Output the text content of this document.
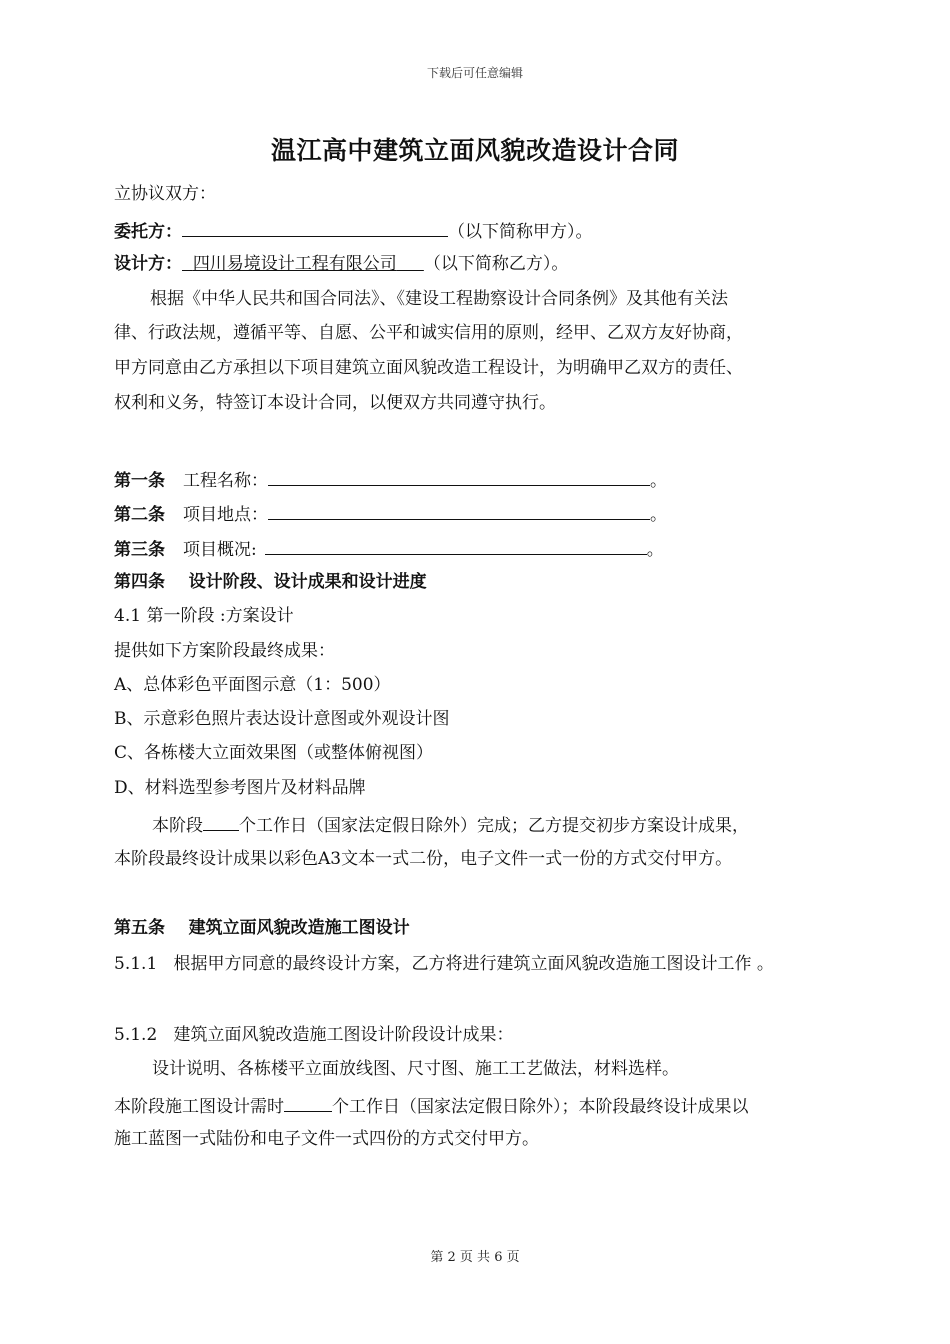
下载后可任意编辑
温江高中建筑立面风貌改造设计合同
立协议双方：
委托方：	（以下简称甲方）。
设计方： 四川易境设计工程有限公司 （以下简称乙方）。
根据《中华人民共和国合同法》、《建设工程勘察设计合同条例》及其他有关法
律、行政法规，遵循平等、自愿、公平和诚实信用的原则，经甲、乙双方友好协商，
甲方同意由乙方承担以下项目建筑立面风貌改造工程设计，为明确甲乙双方的责任、
权利和义务，特签订本设计合同，以便双方共同遵守执行。
第一条 工程名称：	。
第二条 项目地点：	。
第三条 项目概况:	。
第四条    设计阶段、设计成果和设计进度
4.1 第一阶段 :方案设计
提供如下方案阶段最终成果：
A、总体彩色平面图示意（1：500）
B、示意彩色照片表达设计意图或外观设计图
C、各栋楼大立面效果图（或整体俯视图）
D、材料选型参考图片及材料品牌
本阶段 个工作日（国家法定假日除外）完成；乙方提交初步方案设计成果，
本阶段最终设计成果以彩色A3文本一式二份，电子文件一式一份的方式交付甲方。
第五条    建筑立面风貌改造施工图设计
5.1.1   根据甲方同意的最终设计方案，乙方将进行建筑立面风貌改造施工图设计工作 。
5.1.2   建筑立面风貌改造施工图设计阶段设计成果：
设计说明、各栋楼平立面放线图、尺寸图、施工工艺做法，材料选样。
本阶段施工图设计需时	个工作日（国家法定假日除外）；本阶段最终设计成果以
施工蓝图一式陆份和电子文件一式四份的方式交付甲方。
第 2 页 共 6 页
